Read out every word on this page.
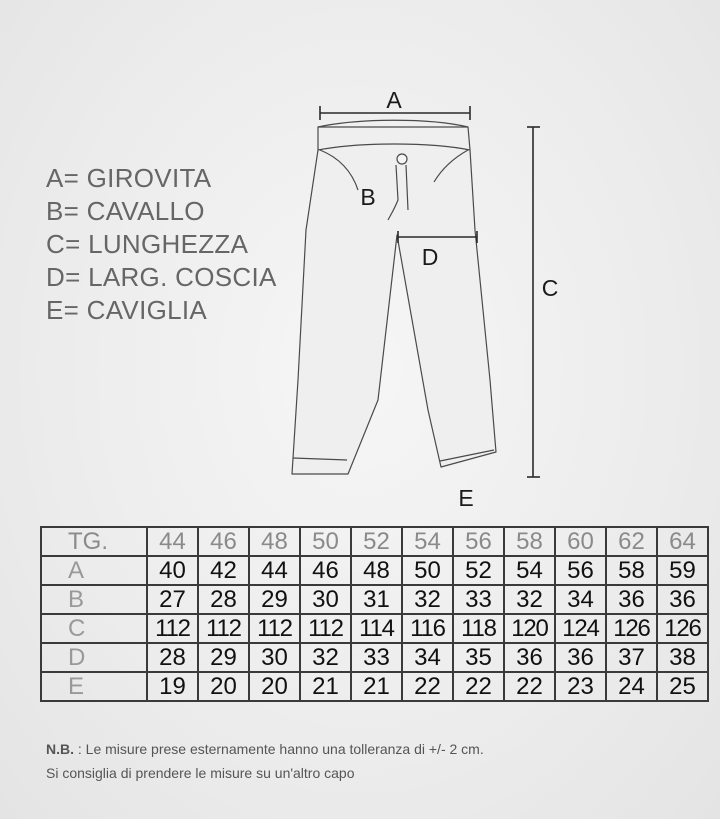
A= GIROVITA
B= CAVALLO
C= LUNGHEZZA
D= LARG. COSCIA
E= CAVIGLIA
A
B
C
D
E
TG.	44	46	48	50	52	54	56	58	60	62	64
A	40	42	44	46	48	50	52	54	56	58	59
B	27	28	29	30	31	32	33	32	34	36	36
C	112	112	112	112	114	116	118	120	124	126	126
D	28	29	30	32	33	34	35	36	36	37	38
E	19	20	20	21	21	22	22	22	23	24	25
N.B. : Le misure prese esternamente hanno una tolleranza di +/- 2 cm.
Si consiglia di prendere le misure su un'altro capo
